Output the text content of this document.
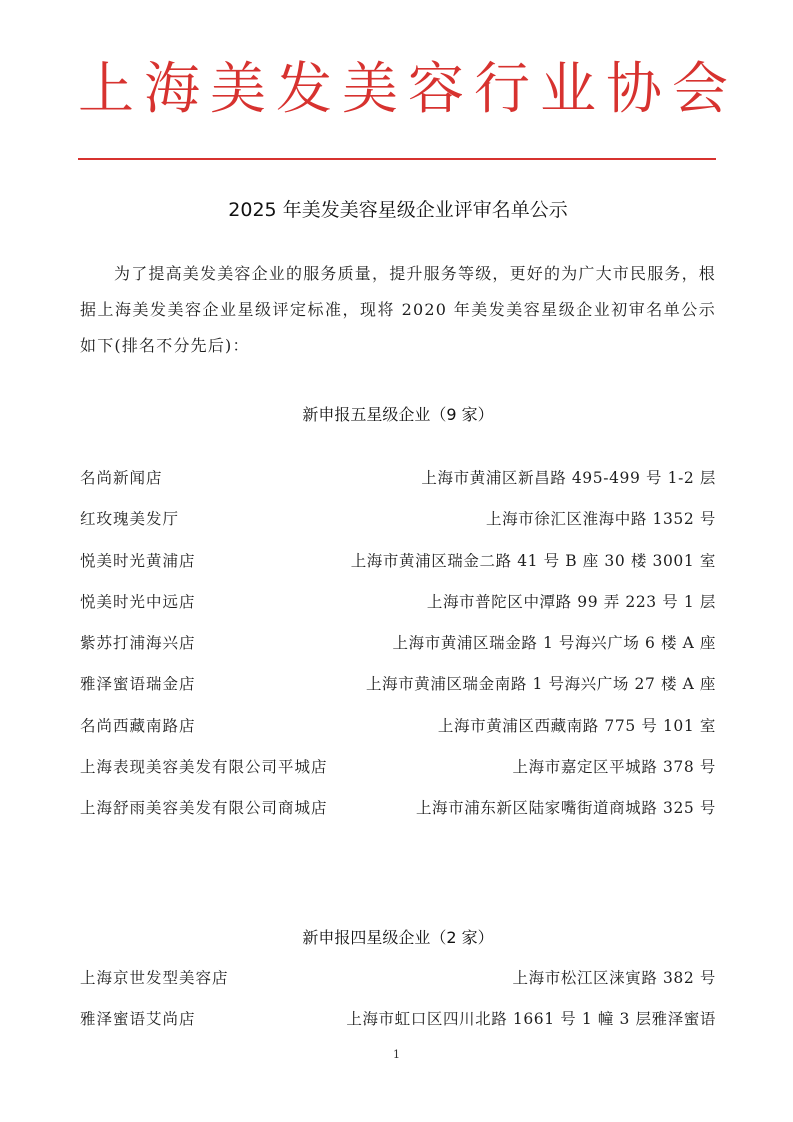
上海美发美容行业协会
2025 年美发美容星级企业评审名单公示

为了提高美发美容企业的服务质量，提升服务等级，更好的为广大市民服务，根据上海美发美容企业星级评定标准，现将 2020 年美发美容星级企业初审名单公示如下(排名不分先后)：

新申报五星级企业（9 家）
名尚新闻店	上海市黄浦区新昌路 495-499 号 1-2 层
红玫瑰美发厅	上海市徐汇区淮海中路 1352 号
悦美时光黄浦店	上海市黄浦区瑞金二路 41 号 B 座 30 楼 3001 室
悦美时光中远店	上海市普陀区中潭路 99 弄 223 号 1 层
紫苏打浦海兴店	上海市黄浦区瑞金路 1 号海兴广场 6 楼 A 座
雅泽蜜语瑞金店	上海市黄浦区瑞金南路 1 号海兴广场 27 楼 A 座
名尚西藏南路店	上海市黄浦区西藏南路 775 号 101 室
上海表现美容美发有限公司平城店	上海市嘉定区平城路 378 号
上海舒雨美容美发有限公司商城店	上海市浦东新区陆家嘴街道商城路 325 号
新申报四星级企业（2 家）
上海京世发型美容店	上海市松江区涞寅路 382 号
雅泽蜜语艾尚店	上海市虹口区四川北路 1661 号 1 幢 3 层雅泽蜜语
1
